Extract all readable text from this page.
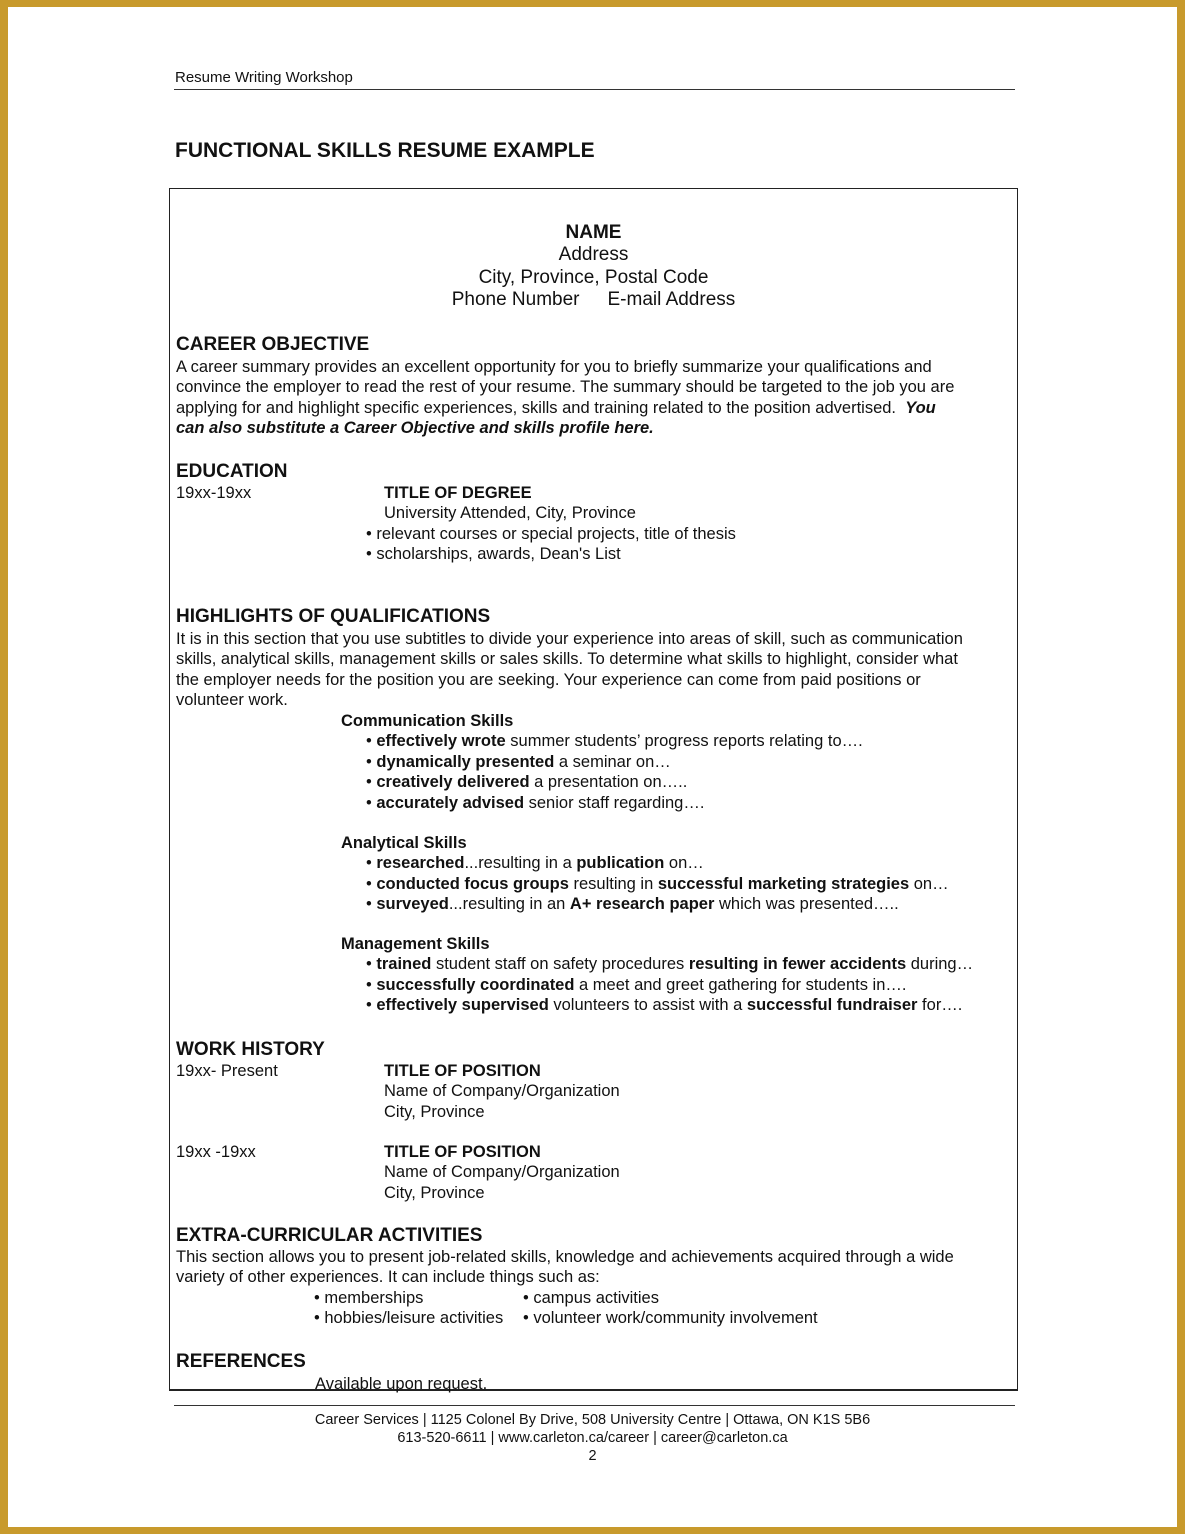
Resume Writing Workshop
FUNCTIONAL SKILLS RESUME EXAMPLE
NAME
Address
City, Province, Postal Code
Phone Number E-mail Address
CAREER OBJECTIVE
A career summary provides an excellent opportunity for you to briefly summarize your qualifications and
convince the employer to read the rest of your resume. The summary should be targeted to the job you are
applying for and highlight specific experiences, skills and training related to the position advertised. You
can also substitute a Career Objective and skills profile here.
EDUCATION
19xx-19xx	TITLE OF DEGREE
University Attended, City, Province
• relevant courses or special projects, title of thesis
• scholarships, awards, Dean's List
HIGHLIGHTS OF QUALIFICATIONS
It is in this section that you use subtitles to divide your experience into areas of skill, such as communication
skills, analytical skills, management skills or sales skills. To determine what skills to highlight, consider what
the employer needs for the position you are seeking. Your experience can come from paid positions or
volunteer work.
Communication Skills
• effectively wrote summer students’ progress reports relating to….
• dynamically presented a seminar on…
• creatively delivered a presentation on…..
• accurately advised senior staff regarding….
Analytical Skills
• researched...resulting in a publication on…
• conducted focus groups resulting in successful marketing strategies on…
• surveyed...resulting in an A+ research paper which was presented…..
Management Skills
• trained student staff on safety procedures resulting in fewer accidents during…
• successfully coordinated a meet and greet gathering for students in….
• effectively supervised volunteers to assist with a successful fundraiser for….
WORK HISTORY
19xx- Present	TITLE OF POSITION
Name of Company/Organization
City, Province
19xx -19xx	TITLE OF POSITION
Name of Company/Organization
City, Province
EXTRA-CURRICULAR ACTIVITIES
This section allows you to present job-related skills, knowledge and achievements acquired through a wide
variety of other experiences. It can include things such as:
• memberships
• hobbies/leisure activities
• campus activities
• volunteer work/community involvement
REFERENCES
Available upon request.
Career Services | 1125 Colonel By Drive, 508 University Centre | Ottawa, ON K1S 5B6
613-520-6611 | www.carleton.ca/career | career@carleton.ca
2
